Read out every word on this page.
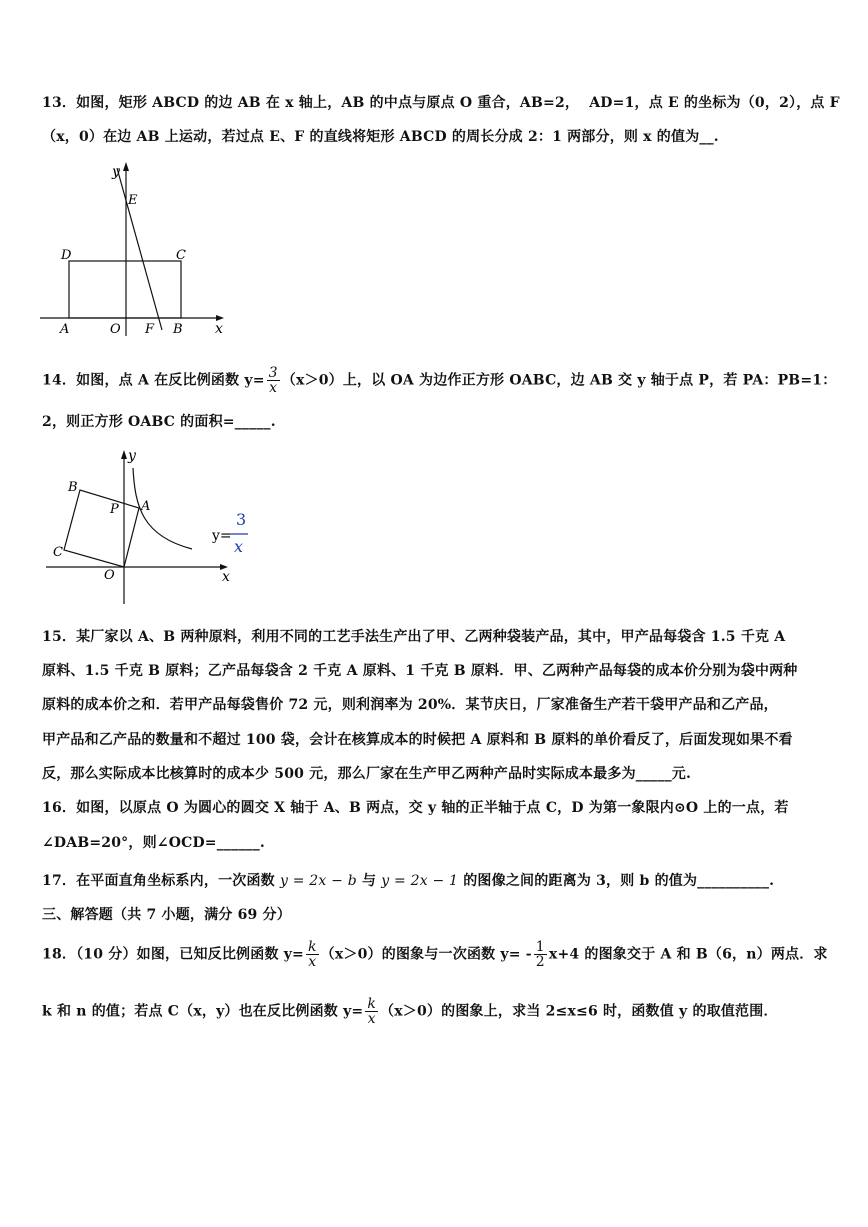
13．如图，矩形 ABCD 的边 AB 在 x 轴上，AB 的中点与原点 O 重合，AB=2，  AD=1，点 E 的坐标为（0，2），点 F
（x，0）在边 AB 上运动，若过点 E、F 的直线将矩形 ABCD 的周长分成 2：1 两部分，则 x 的值为__.
y
E
D	C
A	O F B x
14．如图，点 A 在反比例函数 $y= \frac{3}{x} (x>0)$上，以 OA 为边作正方形 OABC，边 AB 交 y 轴于点 P，若 PA：PB=1：
2，则正方形 OABC 的面积=_____.
y
B
P A
C
O	x
y=
3
x
15．某厂家以 A、B 两种原料，利用不同的工艺手法生产出了甲、乙两种袋装产品，其中，甲产品每袋含 1.5 千克 A
原料、1.5 千克 B 原料；乙产品每袋含 2 千克 A 原料、1 千克 B 原料．甲、乙两种产品每袋的成本价分别为袋中两种
原料的成本价之和．若甲产品每袋售价 72 元，则利润率为 20%．某节庆日，厂家准备生产若干袋甲产品和乙产品，
甲产品和乙产品的数量和不超过 100 袋，会计在核算成本的时候把 A 原料和 B 原料的单价看反了，后面发现如果不看
反，那么实际成本比核算时的成本少 500 元，那么厂家在生产甲乙两种产品时实际成本最多为_____元.
16．如图，以原点 O 为圆心的圆交 X 轴于 A、B 两点，交 y 轴的正半轴于点 C，D 为第一象限内⊙O 上的一点，若
∠DAB=20°，则∠OCD=______.
17．在平面直角坐标系内，一次函数 y = 2x − b 与 y = 2x − 1 的图像之间的距离为 3，则 b 的值为__________.
三、解答题（共 7 小题，满分 69 分）
18．（10 分）如图，已知反比例函数 $y= \frac{k}{x} (x>0)$的图象与一次函数 $y= - \frac{1}{2} x+4$ 的图象交于 A 和 B（6，n）两点．求
k 和 n 的值；若点 C（x，y）也在反比例函数 $y= \frac{k}{x} (x>0)$的图象上，求当 2≤x≤6 时，函数值 y 的取值范围．
